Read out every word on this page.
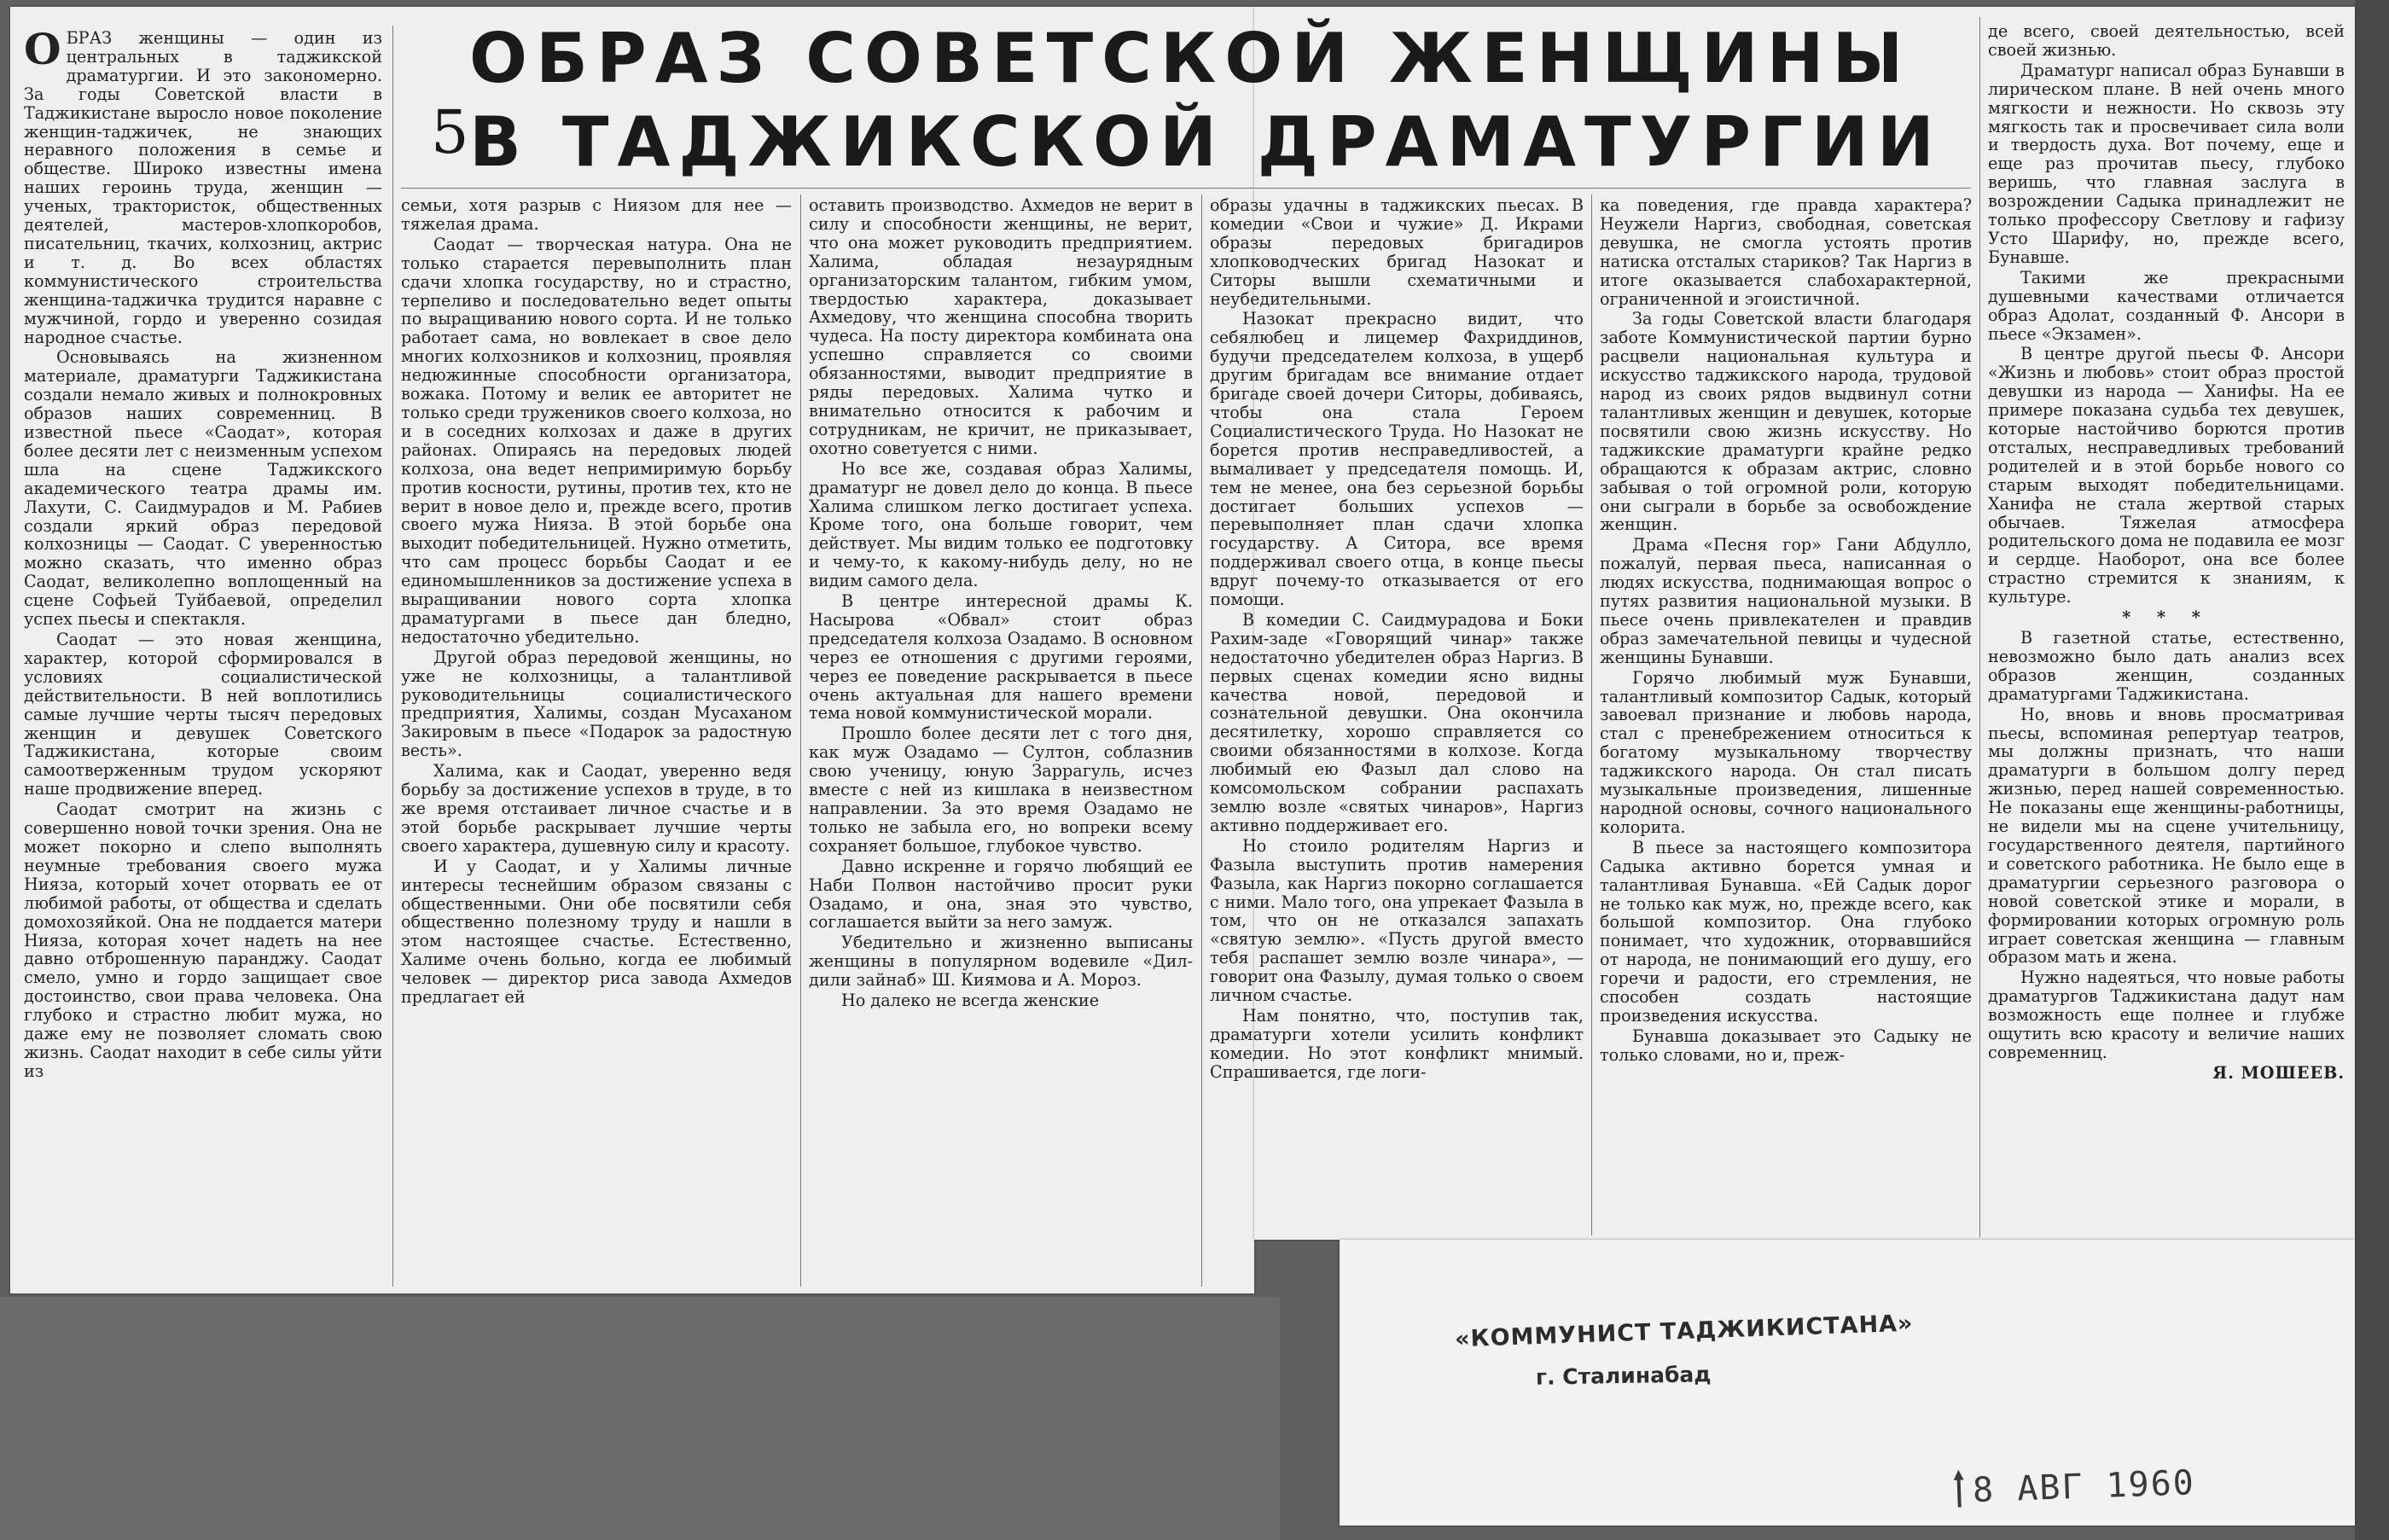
ОБРАЗ СОВЕТСКОЙ ЖЕНЩИНЫ
5
В ТАДЖИКСКОЙ ДРАМАТУРГИИ
О БРАЗ женщины — один из центральных в таджикской драматургии. И это закономерно. За годы Советской власти в Таджикистане выросло новое поколение женщин-таджичек, не знающих неравного положения в семье и обществе. Широко известны имена наших героинь труда, женщин — ученых, трактористок, общественных деятелей, мастеров-хлопкоробов, писательниц, ткачих, колхозниц, актрис и т. д. Во всех областях коммунистического строительства женщина-таджичка трудится наравне с мужчиной, гордо и уверенно созидая народное счастье.

Основываясь на жизненном материале, драматурги Таджикистана создали немало живых и полнокровных образов наших современниц. В известной пьесе «Саодат», которая более десяти лет с неизменным успехом шла на сцене Таджикского академического театра драмы им. Лахути, С. Саидмурадов и М. Рабиев создали яркий образ передовой колхозницы — Саодат. С уверенностью можно сказать, что именно образ Саодат, великолепно воплощенный на сцене Софьей Туйбаевой, определил успех пьесы и спектакля.

Саодат — это новая женщина, характер, которой сформировался в условиях социалистической действительности. В ней воплотились самые лучшие черты тысяч передовых женщин и девушек Советского Таджикистана, которые своим самоотверженным трудом ускоряют наше продвижение вперед.

Саодат смотрит на жизнь с совершенно новой точки зрения. Она не может покорно и слепо выполнять неумные требования своего мужа Нияза, который хочет оторвать ее от любимой работы, от общества и сделать домохозяйкой. Она не поддается матери Нияза, которая хочет надеть на нее давно отброшенную паранджу. Саодат смело, умно и гордо защищает свое достоинство, свои права человека. Она глубоко и страстно любит мужа, но даже ему не позволяет сломать свою жизнь. Саодат находит в себе силы уйти из

семьи, хотя разрыв с Ниязом для нее — тяжелая драма.

Саодат — творческая натура. Она не только старается перевыполнить план сдачи хлопка государству, но и страстно, терпеливо и последовательно ведет опыты по выращиванию нового сорта. И не только работает сама, но вовлекает в свое дело многих колхозников и колхозниц, проявляя недюжинные способности организатора, вожака. Потому и велик ее авторитет не только среди тружеников своего колхоза, но и в соседних колхозах и даже в других районах. Опираясь на передовых людей колхоза, она ведет непримиримую борьбу против косности, рутины, против тех, кто не верит в новое дело и, прежде всего, против своего мужа Нияза. В этой борьбе она выходит победительницей. Нужно отметить, что сам процесс борьбы Саодат и ее единомышленников за достижение успеха в выращивании нового сорта хлопка драматургами в пьесе дан бледно, недостаточно убедительно.

Другой образ передовой женщины, но уже не колхозницы, а талантливой руководительницы социалистического предприятия, Халимы, создан Мусаханом Закировым в пьесе «Подарок за радостную весть».

Халима, как и Саодат, уверенно ведя борьбу за достижение успехов в труде, в то же время отстаивает личное счастье и в этой борьбе раскрывает лучшие черты своего характера, душевную силу и красоту.

И у Саодат, и у Халимы личные интересы теснейшим образом связаны с общественными. Они обе посвятили себя общественно полезному труду и нашли в этом настоящее счастье. Естественно, Халиме очень больно, когда ее любимый человек — директор риса завода Ахмедов предлагает ей

оставить производство. Ахмедов не верит в силу и способности женщины, не верит, что она может руководить предприятием. Халима, обладая незаурядным организаторским талантом, гибким умом, твердостью характера, доказывает Ахмедову, что женщина способна творить чудеса. На посту директора комбината она успешно справляется со своими обязанностями, выводит предприятие в ряды передовых. Халима чутко и внимательно относится к рабочим и сотрудникам, не кричит, не приказывает, охотно советуется с ними.

Но все же, создавая образ Халимы, драматург не довел дело до конца. В пьесе Халима слишком легко достигает успеха. Кроме того, она больше говорит, чем действует. Мы видим только ее подготовку и чему-то, к какому-нибудь делу, но не видим самого дела.

В центре интересной драмы К. Насырова «Обвал» стоит образ председателя колхоза Озадамо. В основном через ее отношения с другими героями, через ее поведение раскрывается в пьесе очень актуальная для нашего времени тема новой коммунистической морали.

Прошло более десяти лет с того дня, как муж Озадамо — Султон, соблазнив свою ученицу, юную Заррагуль, исчез вместе с ней из кишлака в неизвестном направлении. За это время Озадамо не только не забыла его, но вопреки всему сохраняет большое, глубокое чувство.

Давно искренне и горячо любящий ее Наби Полвон настойчиво просит руки Озадамо, и она, зная это чувство, соглашается выйти за него замуж.

Убедительно и жизненно выписаны женщины в популярном водевиле «Дил-дили зайнаб» Ш. Киямова и А. Мороз.

Но далеко не всегда женские

образы удачны в таджикских пьесах. В комедии «Свои и чужие» Д. Икрами образы передовых бригадиров хлопководческих бригад Назокат и Ситоры вышли схематичными и неубедительными.

Назокат прекрасно видит, что себялюбец и лицемер Фахриддинов, будучи председателем колхоза, в ущерб другим бригадам все внимание отдает бригаде своей дочери Ситоры, добиваясь, чтобы она стала Героем Социалистического Труда. Но Назокат не борется против несправедливостей, а вымаливает у председателя помощь. И, тем не менее, она без серьезной борьбы достигает больших успехов — перевыполняет план сдачи хлопка государству. А Ситора, все время поддерживал своего отца, в конце пьесы вдруг почему-то отказывается от его помощи.

В комедии С. Саидмурадова и Боки Рахим-заде «Говорящий чинар» также недостаточно убедителен образ Наргиз. В первых сценах комедии ясно видны качества новой, передовой и сознательной девушки. Она окончила десятилетку, хорошо справляется со своими обязанностями в колхозе. Когда любимый ею Фазыл дал слово на комсомольском собрании распахать землю возле «святых чинаров», Наргиз активно поддерживает его.

Но стоило родителям Наргиз и Фазыла выступить против намерения Фазыла, как Наргиз покорно соглашается с ними. Мало того, она упрекает Фазыла в том, что он не отказался запахать «святую землю». «Пусть другой вместо тебя распашет землю возле чинара», — говорит она Фазылу, думая только о своем личном счастье.

Нам понятно, что, поступив так, драматурги хотели усилить конфликт комедии. Но этот конфликт мнимый. Спрашивается, где логи-

ка поведения, где правда характера? Неужели Наргиз, свободная, советская девушка, не смогла устоять против натиска отсталых стариков? Так Наргиз в итоге оказывается слабохарактерной, ограниченной и эгоистичной.

За годы Советской власти благодаря заботе Коммунистической партии бурно расцвели национальная культура и искусство таджикского народа, трудовой народ из своих рядов выдвинул сотни талантливых женщин и девушек, которые посвятили свою жизнь искусству. Но таджикские драматурги крайне редко обращаются к образам актрис, словно забывая о той огромной роли, которую они сыграли в борьбе за освобождение женщин.

Драма «Песня гор» Гани Абдулло, пожалуй, первая пьеса, написанная о людях искусства, поднимающая вопрос о путях развития национальной музыки. В пьесе очень привлекателен и правдив образ замечательной певицы и чудесной женщины Бунавши.

Горячо любимый муж Бунавши, талантливый композитор Садык, который завоевал признание и любовь народа, стал с пренебрежением относиться к богатому музыкальному творчеству таджикского народа. Он стал писать музыкальные произведения, лишенные народной основы, сочного национального колорита.

В пьесе за настоящего композитора Садыка активно борется умная и талантливая Бунавша. «Ей Садык дорог не только как муж, но, прежде всего, как большой композитор. Она глубоко понимает, что художник, оторвавшийся от народа, не понимающий его душу, его горечи и радости, его стремления, не способен создать настоящие произведения искусства.

Бунавша доказывает это Садыку не только словами, но и, преж-

де всего, своей деятельностью, всей своей жизнью.

Драматург написал образ Бунавши в лирическом плане. В ней очень много мягкости и нежности. Но сквозь эту мягкость так и просвечивает сила воли и твердость духа. Вот почему, еще и еще раз прочитав пьесу, глубоко веришь, что главная заслуга в возрождении Садыка принадлежит не только профессору Светлову и гафизу Усто Шарифу, но, прежде всего, Бунавше.

Такими же прекрасными душевными качествами отличается образ Адолат, созданный Ф. Ансори в пьесе «Экзамен».

В центре другой пьесы Ф. Ансори «Жизнь и любовь» стоит образ простой девушки из народа — Ханифы. На ее примере показана судьба тех девушек, которые настойчиво борются против отсталых, несправедливых требований родителей и в этой борьбе нового со старым выходят победительницами. Ханифа не стала жертвой старых обычаев. Тяжелая атмосфера родительского дома не подавила ее мозг и сердце. Наоборот, она все более страстно стремится к знаниям, к культуре.

* * *

В газетной статье, естественно, невозможно было дать анализ всех образов женщин, созданных драматургами Таджикистана.

Но, вновь и вновь просматривая пьесы, вспоминая репертуар театров, мы должны признать, что наши драматурги в большом долгу перед жизнью, перед нашей современностью. Не показаны еще женщины-работницы, не видели мы на сцене учительницу, государственного деятеля, партийного и советского работника. Не было еще в драматургии серьезного разговора о новой советской этике и морали, в формировании которых огромную роль играет советская женщина — главным образом мать и жена.

Нужно надеяться, что новые работы драматургов Таджикистана дадут нам возможность еще полнее и глубже ощутить всю красоту и величие наших современниц.

Я. МОШЕЕВ.

«КОММУНИСТ ТАДЖИКИСТАНА»
г. Сталинабад
8 АВГ 1960
